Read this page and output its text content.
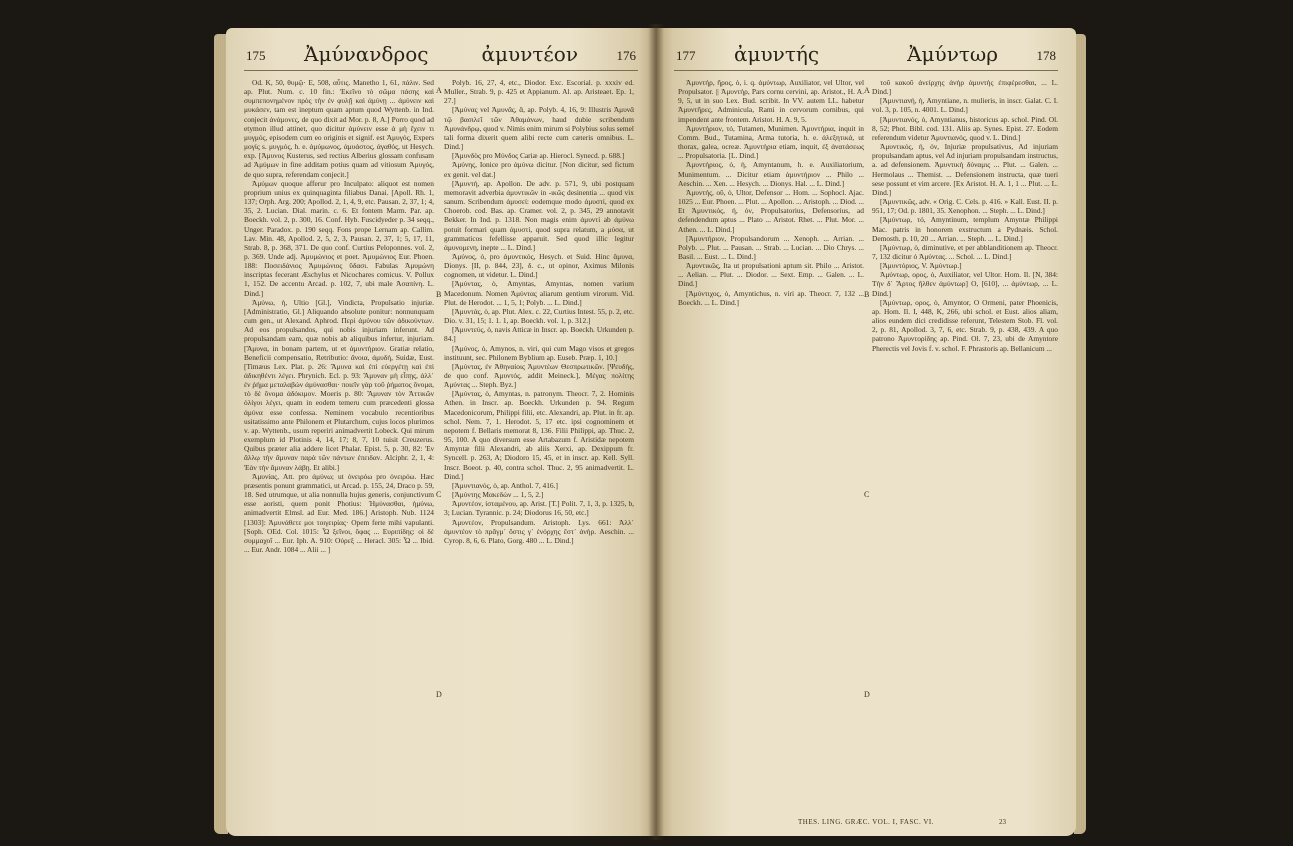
175 Ἀμύνανδρος	ἀμυντέον	176

Od. K, 50, θυμῷ· E, 508, αὖτις. Manetho 1, 61, πάλιν. Sed ap. Plut. Num. c. 10 fin.: Ἐκεῖνο τὸ σῶμα πάσης καὶ συμπεπονημένον πρὸς τὴν ἐν φυλῇ καὶ ἀμύνῃ ... ἀμύνειν καὶ μυκάσεν, tam est ineptum quam aptum quod Wyttenb. in Ind. conjecit ἀνάμονες, de quo dixit ad Mor. p. 8, A.] Porro quod ad etymon illud attinet, quo dicitur ἀμύνειν esse ἀ μὴ ἔχειν τι μυγμός, episodem cum eo originis et signif. est Ἀμυγός, Expers μογίς s. μυγμός, h. e. ἀμύμωνος, ἀμυάστος, ἀγαθός, ut Hesych. exp. [Ἀμυνος Kusterus, sed rectius Alberius glossam confusam ad Ἀμύμων in fine additam potius quam ad vitiosum Ἀμυγός, de quo supra, referendam conjecit.]

Ἀμύμων quoque afferur pro Inculpato: aliquot est nomen proprium unius ex quinquaginta filiabus Danai. [Apoll. Rh. 1, 137; Orph. Arg. 200; Apollod. 2, 1, 4, 9, etc. Pausan. 2, 37, 1; 4, 35, 2. Lucian. Dial. marin. c. 6. Et fontem Marm. Par. ap. Boeckh. vol. 2, p. 300, 16. Conf. Hyb. Fuscidyeder p. 34 seqq., Unger. Paradox. p. 190 seqq. Fons prope Lernam ap. Callim. Lav. Min. 48, Apollod. 2, 5, 2, 3, Pausan. 2, 37, 1; 5, 17, 11, Strab. 8, p. 368, 371. De quo conf. Curtius Peloponnes. vol. 2, p. 369. Unde adj. Ἀμυμώνιος et poet. Ἀμυμώνιος Eur. Phoen. 188: Ποσειδάνιος Ἀμυμώνιος ὕδασι. Fabulas Ἀμυμώνη inscriptas fecerant Æschylus et Nicochares comicus. V. Pollux 1, 152. De accentu Arcad. p. 102, 7, ubi male Ἀσαπίνη. L. Dind.]

Ἀμύνω, ἡ, Ultio [Gl.], Vindicta, Propulsatio injuriæ. [Administratio, Gl.] Aliquando absolute ponitur: nonnunquam cum gen., ut Alexand. Aphrod. Περὶ ἀμύνου τῶν ἀδικούντων. Ad eos propulsandos, qui nobis injuriam inferunt. Ad propulsandam eam, quæ nobis ab aliquibus infertur, injuriam. [Ἄμυνα, in bonam partem, ut et ἀμυντήριον. Gratiæ relatio, Beneficii compensatio, Retributio: ἄνοια, ἀμυδή, Suidæ, Eust. [Timæus Lex. Plat. p. 26: Ἄμυνα καὶ ἐπὶ εὐεργέτῃ καὶ ἐπὶ ἀδικηθέντι λέγει. Phrynich. Ecl. p. 93: Ἄμυναν μὴ εἶπῃς, ἀλλ᾽ ἐν ῥήμα μεταλαβών ἀμύνασθαι· ποιεῖν γὰρ τοῦ ῥήματος ὄνομα, τὸ δὲ ὄνομα ἀδόκιμον. Moeris p. 80: Ἄμυναν τὸν Ἀττικῶν ὀλίγοι λέγει, quam in eodem temeru cum præcedenti glossa ἀμύνα esse confessa. Neminem vocabulo recentioribus usitatissimo ante Philonem et Plutarchum, cujus locos plurimos v. ap. Wyttenb., usum reperiri animadvertit Lobeck. Qui mirum exemplum id Plotinis 4, 14, 17; 8, 7, 10 tuisit Creuzerus. Quibus præter alia addere licet Phalar. Epist. 5, p. 30, 82: Ἐν ἄλλῳ τὴν ἄμυναν παρὰ τῶν πάντων ἐπειδαν. Alciphr. 2, 1, 4: Ἐὰν τὴν ἄμυναν λάβῃ. Et alibi.]

Ἀμυνίας, Att. pro ἀμύνω; ut ὀνειρόω pro ὀνειρόω. Hæc præsentis ponunt grammatici, ut Arcad. p. 155, 24, Draco p. 59, 18. Sed utrumque, ut alia nonnulla hujus generis, conjunctivum esse aoristi, quem ponit Photius: Ἠμύνασθαι, ἠμύνω, animadvertit Elmsl. ad Eur. Med. 186.] Aristoph. Nub. 1124 [1303]: Ἀμυνάθετε μοι τοιγειρίας· Opem ferte mihi vapulanti. [Soph. OEd. Col. 1015: Ὦ ξεῖνοι, ὄφας ... Ευριπίδης: οἱ δὲ συμμαχοῖ ... Eur. Iph. A. 910: Οὐρεξ ... Heracl. 305: Ὦ ... Ibid. ... Eur. Andr. 1084 ... Alii ... ]

A
B
C
D

Polyb. 16, 27, 4, etc., Diodor. Exc. Escorial. p. xxxiv ed. Muller., Strab. 9, p. 425 et Appianum. Al. ap. Aristeaet. Ep. 1, 27.]

[Ἀμύνας vel Ἀμυνᾶς, ἃ, ap. Polyb. 4, 16, 9: Illustris Ἀμυνᾶ τῷ βασιλεῖ τῶν Ἀθαμάνων, haud dubie scribendum Ἀμυνάνδρῳ, quod v. Nimis enim mirum si Polybius solus semel tali forma dixerit quem alibi recte cum cæteris omnibus. L. Dind.]

[Ἀμυνδὸς pro Μύνδος Cariæ ap. Hierocl. Synecd. p. 688.]

Ἀμύνης, Ionice pro ἀμύνω dicitur. [Non dicitur, sed fictum ex genit. vel dat.]

[Ἀμυντή, ap. Apollon. De adv. p. 571, 9, ubi postquam memoravit adverbia ἀμυντικῶν in -ικῶς desinentia ... quod vix sanum. Scribendum ἀμυσεί: eodemque modo ἀμυστί, quod ex Choerob. cod. Bas. ap. Cramer. vol. 2, p. 345, 29 annotavit Bekker. In Ind. p. 1318. Non magis enim ἀμυντί ab ἀμύνω potuit formari quam ἀμυστί, quod supra relatum, a μύσα, ut grammaticos fefellisse apparuit. Sed quod illic legitur ἀμυνομενη, inepte ... L. Dind.]

Ἀμύνος, ὁ, pro ἀμυντικός, Hesych. et Suid. Hinc ἄμυνα, Dionys. [II, p. 844, 23], δ. c., ut opinor, Aximus Milonis cognomen, ut videtur. L. Dind.]

[Ἀμύντας, ὁ, Amyntas, Amyntas, nomen varium Macedonum. Nomen Ἀμύντας aliarum gentium virorum. Vid. Plut. de Herodot. ... 1, 5, 1; Polyb. ... L. Dind.]

[Ἀμυντάς, ὁ, ap. Plut. Alex. c. 22, Curtius Intest. 55, p. 2, etc. Dio. v. 31, 15; 1. 1. 1, ap. Boeckh. vol. 1, p. 312.]

[Ἀμυντεύς, ὁ, navis Atticæ in Inscr. ap. Boeckh. Urkunden p. 84.]

[Ἀμύνος, ὁ, Amynos, n. viri, qui cum Mago visos et gregos instituunt, sec. Philonem Byblium ap. Euseb. Præp. 1, 10.]

[Ἀμύντας, ἐν Ἀθηναίοις Ἀμυντέων Θεσπρωτικῶν. [Ψευδὴς, de quo conf. Ἀμυντός, addit Meineck.], Μέγας πολίτης Ἀμύντας ... Steph. Byz.]

[Ἀμύντας, ὁ, Amyntas, n. patronym. Theocr. 7, 2. Hominis Athen. in Inscr. ap. Boeckh. Urkunden p. 94. Regum Macedonicorum, Philippi filii, etc. Alexandri, ap. Plut. in fr. ap. schol. Nem. 7, 1. Herodot. 5, 17 etc. ipsi cognominem et nepotem f. Bellaris memorat 8, 136. Filii Philippi, ap. Thuc. 2, 95, 100. A quo diversum esse Artabazum f. Aristidæ nepotem Amyntæ filii Alexandri, ab aliis Xerxi, ap. Dexippum fr. Syncell. p. 263, A; Diodoro 15, 45, et in inscr. ap. Kell. Syll. Inscr. Boeot. p. 40, contra schol. Thuc. 2, 95 animadvertit. L. Dind.]

[Ἀμυντιανός, ὁ, ap. Anthol. 7, 416.]

[Ἀμύντης Μακεδών ... 1, 5, 2.]

Ἀμυντέον, ἰσταμένου, ap. Arist. [T.] Polit. 7, 1, 3, p. 1325, b, 3; Lucian. Tyrannic. p. 24; Diodorus 16, 50, etc.]

Ἀμυντέον, Propulsandum. Aristoph. Lys. 661: Ἀλλ᾽ ἀμυντέον τὸ πρᾶγμ᾽ ὅστις γ᾽ ἐνόρχης ἔστ᾽ ἀνήρ. Aeschin. ... Cyrop. 8, 6, 6. Plato, Gorg. 480 ... L. Dind.]

177 ἀμυντής	Ἀμύντωρ	178

Ἀμυντήρ, ῆρος, ὁ, i. q. ἀμύντωρ, Auxiliator, vel Ultor, vel Propulsator. || Ἀμυντήρ, Pars cornu cervini, ap. Aristot., H. A. 9, 5, ut in suo Lex. Bud. scribit. In VV. autem LL. habetur Ἀμυντῆρες, Adminicula, Rami in cervorum cornibus, qui impendent ante frontem. Aristot. H. A. 9, 5.

Ἀμυντήριον, τό, Tutamen, Munimen. Ἀμυντήρια, inquit in Comm. Bud., Tutamina, Arma tutoria, h. e. ἀλεξητικά, ut thorax, galea, ocreæ. Ἀμυντήρια etiam, inquit, ἐξ ἀνατάσεως ... Propulsatoria. [L. Dind.]

Ἀμυντήριος, ὁ, ἡ, Amyntanum, h. e. Auxiliatorium, Munimentum. ... Dicitur etiam ἀμυντήριον ... Philo ... Aeschin. ... Xen. ... Hesych. ... Dionys. Hal. ... L. Dind.]

Ἀμυντής, οῦ, ὁ, Ultor, Defensor ... Hom. ... Sophocl. Ajac. 1025 ... Eur. Phoen. ... Plut. ... Apollon. ... Aristoph. ... Diod. ... Et Ἀμυντικός, ή, όν, Propulsatorius, Defensorius, ad defendendum aptus ... Plato ... Aristot. Rhet. ... Plut. Mor. ... Athen. ... L. Dind.]

[Ἀμυντήριον, Propulsandorum ... Xenoph. ... Arrian. ... Polyb. ... Plut. ... Pausan. ... Strab. ... Lucian. ... Dio Chrys. ... Basil. ... Eust. ... L. Dind.]

Ἀμυντικῶς, Ita ut propulsationi aptum sit. Philo ... Aristot. ... Aelian. ... Plut. ... Diodor. ... Sext. Emp. ... Galen. ... L. Dind.]

[Ἀμύντιχος, ὁ, Amyntichus, n. viri ap. Theocr. 7, 132 ... Boeckh. ... L. Dind.]

A
B
C
D

τοῦ κακοῦ ἀνείρχης ἀνὴρ ἀμυντὴς ἐπιφέρεσθαι, ... L. Dind.]

[Ἀμυντιανή, ἡ, Amyntiane, n. mulieris, in inscr. Galat. C. I. vol. 3, p. 105, n. 4001. L. Dind.]

[Ἀμυντιανός, ὁ, Amyntianus, historicus ap. schol. Pind. Ol. 8, 52; Phot. Bibl. cod. 131. Aliis ap. Synes. Epist. 27. Eodem referendum videtur Ἀμυντιανός, quod v. L. Dind.]

Ἀμυντικός, ή, όν, Injuriæ propulsativus, Ad injuriam propulsandam aptus, vel Ad injuriam propulsandam instructus, a. ad defensionem. Ἀμυντικὴ δύναμις ... Plut. ... Galen. ... Hermolaus ... Themist. ... Defensionem instructa, quæ tueri sese possunt et vim arcere. [Ex Aristot. H. A. 1, 1 ... Plut. ... L. Dind.]

[Ἀμυντικῶς, adv. « Orig. C. Cels. p. 416. » Kall. Eust. II. p. 951, 17; Od. p. 1801, 35. Xenophon. ... Steph. ... L. Dind.]

[Ἀμύντωρ, τό, Amyntinum, templum Amyntæ Philippi Mac. patris in honorem exstructum a Pydnæis. Schol. Demosth. p. 10, 20 ... Arrian. ... Steph. ... L. Dind.]

[Ἀμύντωρ, ὁ, diminutive, et per abblanditionem ap. Theocr. 7, 132 dicitur ὁ Ἀμύντας. ... Schol. ... L. Dind.]

[Ἀμυντόριος, V. Ἀμύντωρ.]

Ἀμύντωρ, ορος, ὁ, Auxiliator, vel Ultor. Hom. Il. [N, 384: Τὴν δ᾽ Ἄρτος ἤλθεν ἀμύντωρ] O, [610], ... ἀμύντωρ, ... L. Dind.]

[Ἀμύντωρ, ορος, ὁ, Amyntor, O Ormeni, pater Phoenicis, ap. Hom. Il. I, 448, K, 266, ubi schol. et Eust. alios aliam, alios eundem dici credidisse referunt, Telestem Stob. Fl. vol. 2, p. 81, Apollod. 3, 7, 6, etc. Strab. 9, p. 438, 439. A quo patrono Ἀμυντορίδης ap. Pind. Ol. 7, 23, ubi de Amyntore Pherectis vel Jovis f. v. schol. F. Phrastoris ap. Bellanicum ...

THES. LING. GRÆC. VOL. I, FASC. VI.	23
